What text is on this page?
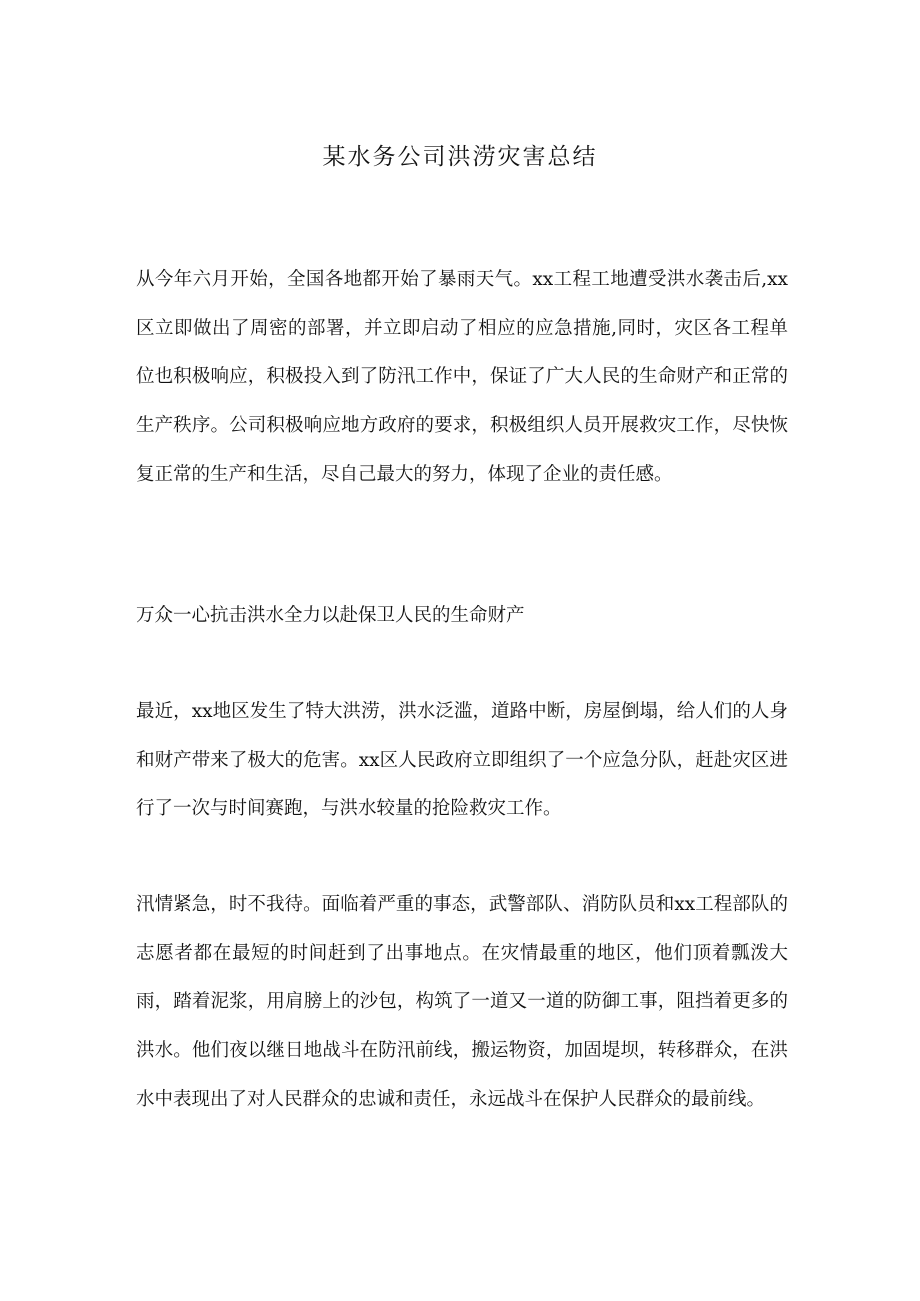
某水务公司洪涝灾害总结

从今年六月开始，全国各地都开始了暴雨天气。xx工程工地遭受洪水袭击后,xx区立即做出了周密的部署，并立即启动了相应的应急措施,同时，灾区各工程单位也积极响应，积极投入到了防汛工作中，保证了广大人民的生命财产和正常的生产秩序。公司积极响应地方政府的要求，积极组织人员开展救灾工作，尽快恢复正常的生产和生活，尽自己最大的努力，体现了企业的责任感。

万众一心抗击洪水全力以赴保卫人民的生命财产

最近，xx地区发生了特大洪涝，洪水泛滥，道路中断，房屋倒塌，给人们的人身和财产带来了极大的危害。xx区人民政府立即组织了一个应急分队，赶赴灾区进行了一次与时间赛跑，与洪水较量的抢险救灾工作。

汛情紧急，时不我待。面临着严重的事态，武警部队、消防队员和xx工程部队的志愿者都在最短的时间赶到了出事地点。在灾情最重的地区，他们顶着瓢泼大雨，踏着泥浆，用肩膀上的沙包，构筑了一道又一道的防御工事，阻挡着更多的洪水。他们夜以继日地战斗在防汛前线，搬运物资，加固堤坝，转移群众，在洪水中表现出了对人民群众的忠诚和责任，永远战斗在保护人民群众的最前线。
